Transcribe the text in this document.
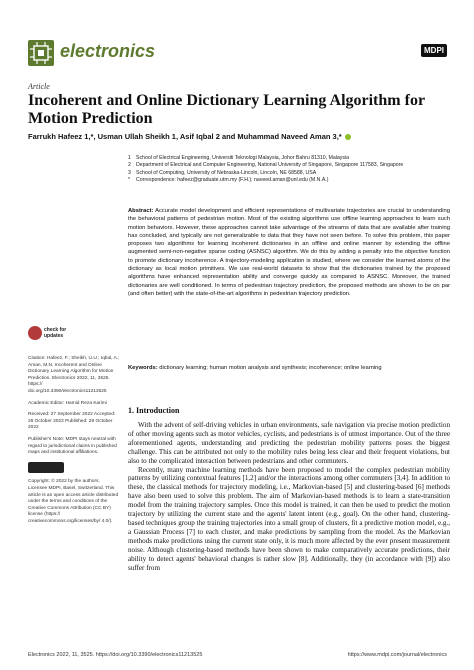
electronics	MDPI
Article
Incoherent and Online Dictionary Learning Algorithm for Motion Prediction
Farrukh Hafeez 1,*, Usman Ullah Sheikh 1, Asif Iqbal 2 and Muhammad Naveed Aman 3,*
1 School of Electrical Engineering, Universiti Teknologi Malaysia, Johor Bahru 81310, Malaysia
2 Department of Electrical and Computer Engineering, National University of Singapore, Singapore 117583, Singapore
3 School of Computing, University of Nebraska-Lincoln, Lincoln, NE 68588, USA
* Correspondence: hafeez@graduate.utm.my (F.H.); naveed.aman@unl.edu (M.N.A.)
Abstract: Accurate model development and efficient representations of multivariate trajectories are crucial to understanding the behavioral patterns of pedestrian motion. Most of the existing algorithms use offline learning approaches to learn such motion behaviors. However, these approaches cannot take advantage of the streams of data that are available after training has concluded, and typically are not generalizable to data that they have not seen before. To solve this problem, this paper proposes two algorithms for learning incoherent dictionaries in an offline and online manner by extending the offline augmented semi-non-negative sparse coding (ASNSC) algorithm. We do this by adding a penalty into the objective function to promote dictionary incoherence. A trajectory-modeling application is studied, where we consider the learned atoms of the dictionary as local motion primitives. We use real-world datasets to show that the dictionaries trained by the proposed algorithms have enhanced representation ability and converge quickly as compared to ASNSC. Moreover, the trained dictionaries are well conditioned. In terms of pedestrian trajectory prediction, the proposed methods are shown to be on par (and often better) with the state-of-the-art algorithms in pedestrian trajectory prediction.
Keywords: dictionary learning; human motion analysis and synthesis; incoherence; online learning
check for updates
Citation: Hafeez, F.; Sheikh, U.U.; Iqbal, A.; Aman, M.N. Incoherent and Online Dictionary Learning Algorithm for Motion Prediction. Electronics 2022, 11, 3525. https:// doi.org/10.3390/electronics11213525
Academic Editor: Hamid Reza Karimi
Received: 27 September 2022 Accepted: 26 October 2022 Published: 29 October 2022
Publisher's Note: MDPI stays neutral with regard to jurisdictional claims in published maps and institutional affiliations.
Copyright: © 2022 by the authors. Licensee MDPI, Basel, Switzerland. This article is an open access article distributed under the terms and conditions of the Creative Commons Attribution (CC BY) license (https:// creativecommons.org/licenses/by/ 4.0/).
1. Introduction

With the advent of self-driving vehicles in urban environments, safe navigation via precise motion prediction of other moving agents such as motor vehicles, cyclists, and pedestrians is of utmost importance. Out of the three aforementioned agents, understanding and predicting the pedestrian mobility patterns poses the biggest challenge. This can be attributed not only to the mobility rules being less clear and their frequent violations, but also to the complicated interaction between pedestrians and other commuters.

Recently, many machine learning methods have been proposed to model the complex pedestrian mobility patterns by utilizing contextual features [1,2] and/or the interactions among other commuters [3,4]. In addition to these, the classical methods for trajectory modeling, i.e., Markovian-based [5] and clustering-based [6] methods have also been used to solve this problem. The aim of Markovian-based methods is to learn a state-transition model from the training trajectory samples. Once this model is trained, it can then be used to predict the motion trajectory by utilizing the current state and the agents' latent intent (e.g., goal). On the other hand, clustering-based techniques group the training trajectories into a small group of clusters, fit a predictive motion model, e.g., a Gaussian Process [7] to each cluster, and make predictions by sampling from the model. As the Markovian methods make predictions using the current state only, it is much more affected by the ever present measurement noise. Although clustering-based methods have been shown to make comparatively accurate predictions, their ability to detect agents' behavioral changes is rather slow [8]. Additionally, they (in accordance with [9]) also suffer from

Electronics 2022, 11, 3525. https://doi.org/10.3390/electronics11213525	https://www.mdpi.com/journal/electronics
